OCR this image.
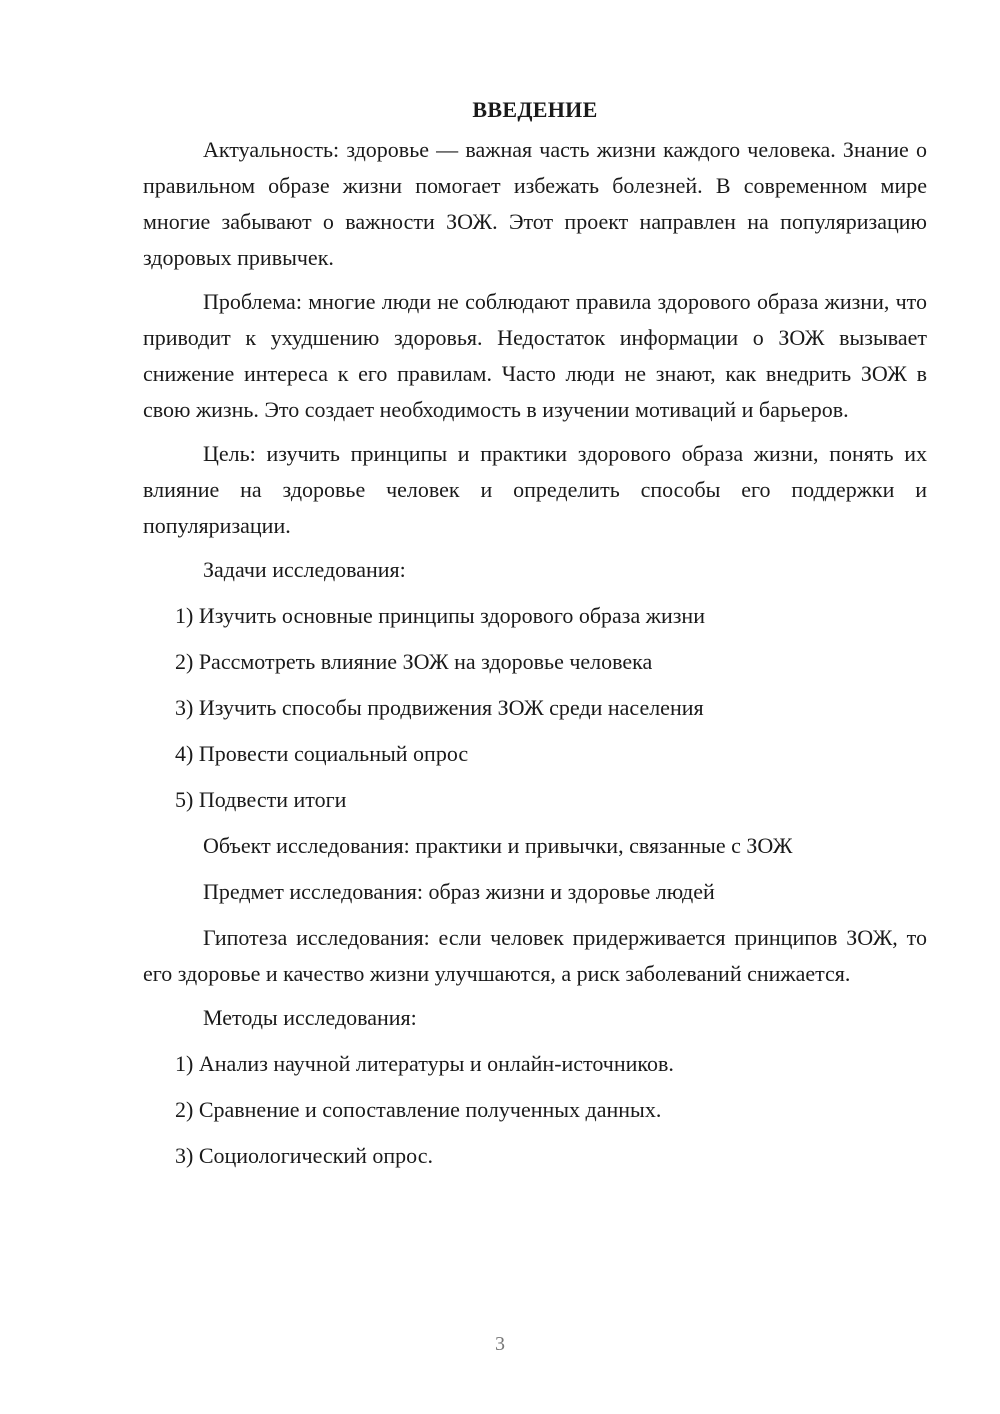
ВВЕДЕНИЕ

Актуальность: здоровье — важная часть жизни каждого человека. Знание о правильном образе жизни помогает избежать болезней. В современном мире многие забывают о важности ЗОЖ. Этот проект направлен на популяризацию здоровых привычек.

Проблема: многие люди не соблюдают правила здорового образа жизни, что приводит к ухудшению здоровья. Недостаток информации о ЗОЖ вызывает снижение интереса к его правилам. Часто люди не знают, как внедрить ЗОЖ в свою жизнь. Это создает необходимость в изучении мотиваций и барьеров.

Цель: изучить принципы и практики здорового образа жизни, понять их влияние на здоровье человек и определить способы его поддержки и популяризации.

Задачи исследования:
1) Изучить основные принципы здорового образа жизни
2) Рассмотреть влияние ЗОЖ на здоровье человека
3) Изучить способы продвижения ЗОЖ среди населения
4) Провести социальный опрос
5) Подвести итоги
Объект исследования: практики и привычки, связанные с ЗОЖ
Предмет исследования: образ жизни и здоровье людей

Гипотеза исследования: если человек придерживается принципов ЗОЖ, то его здоровье и качество жизни улучшаются, а риск заболеваний снижается.

Методы исследования:
1) Анализ научной литературы и онлайн-источников.
2) Сравнение и сопоставление полученных данных.
3) Социологический опрос.
3
